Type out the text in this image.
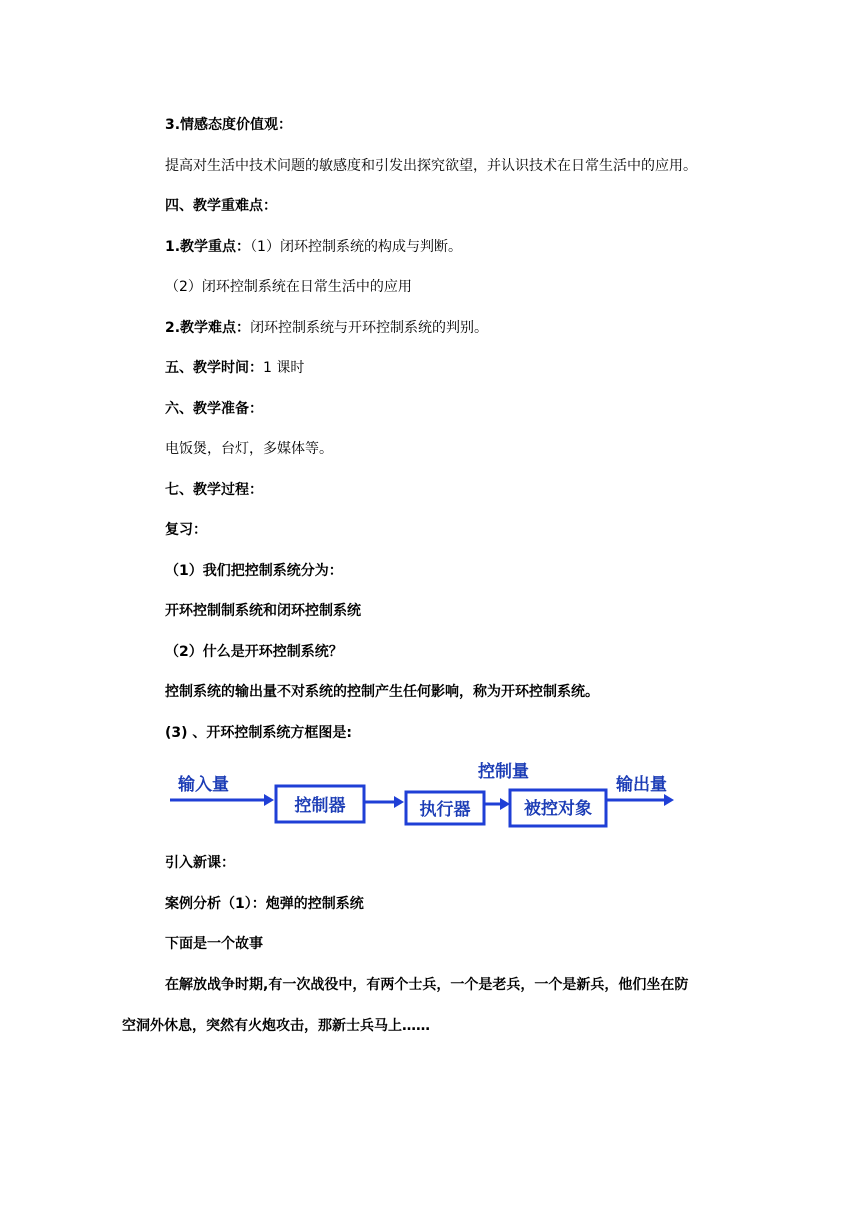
3.情感态度价值观：
提高对生活中技术问题的敏感度和引发出探究欲望，并认识技术在日常生活中的应用。
四、教学重难点：
1.教学重点：（1）闭环控制系统的构成与判断。
（2）闭环控制系统在日常生活中的应用
2.教学难点：闭环控制系统与开环控制系统的判别。
五、教学时间：1 课时
六、教学准备：
电饭煲，台灯，多媒体等。
七、教学过程：
复习：
（1）我们把控制系统分为：
开环控制制系统和闭环控制系统
（2）什么是开环控制系统？
控制系统的输出量不对系统的控制产生任何影响，称为开环控制系统。
(3) 、开环控制系统方框图是:
输入量
控制器	执行器
控制量
被控对象
输出量
引入新课：
案例分析（1）：炮弹的控制系统
下面是一个故事
在解放战争时期,有一次战役中，有两个士兵，一个是老兵，一个是新兵，他们坐在防
空洞外休息，突然有火炮攻击，那新士兵马上……
